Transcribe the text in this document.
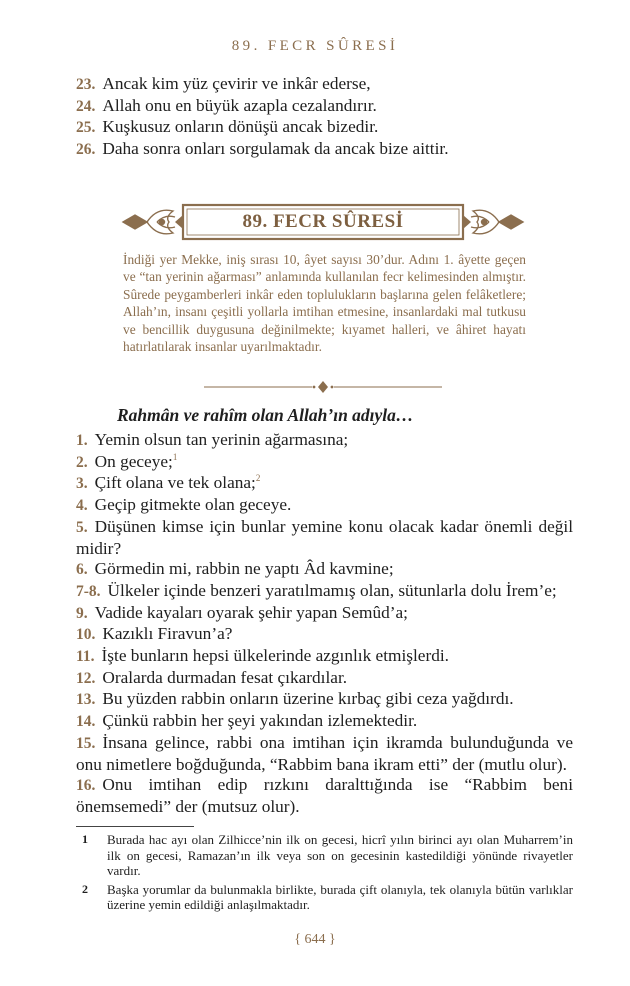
89. FECR SÛRESİ

23. Ancak kim yüz çevirir ve inkâr ederse,

24. Allah onu en büyük azapla cezalandırır.

25. Kuşkusuz onların dönüşü ancak bizedir.

26. Daha sonra onları sorgulamak da ancak bize aittir.

89. FECR SÛRESİ

İndiği yer Mekke, iniş sırası 10, âyet sayısı 30’dur. Adını 1. âyette geçen ve “tan yerinin ağarması” anlamında kullanılan fecr kelimesinden almıştır. Sûrede peygamberleri inkâr eden toplulukların başlarına gelen felâketlere; Allah’ın, insanı çeşitli yollarla imtihan etmesine, insanlardaki mal tutkusu ve bencillik duygusuna değinilmekte; kıyamet halleri, ve âhiret hayatı hatırlatılarak insanlar uyarılmaktadır.

Rahmân ve rahîm olan Allah’ın adıyla…

1. Yemin olsun tan yerinin ağarmasına;

2. On geceye;$^1$

3. Çift olana ve tek olana;$^2$

4. Geçip gitmekte olan geceye.

5. Düşünen kimse için bunlar yemine konu olacak kadar önemli değil midir?

6. Görmedin mi, rabbin ne yaptı Âd kavmine;

7-8. Ülkeler içinde benzeri yaratılmamış olan, sütunlarla dolu İrem’e;

9. Vadide kayaları oyarak şehir yapan Semûd’a;

10. Kazıklı Firavun’a?

11. İşte bunların hepsi ülkelerinde azgınlık etmişlerdi.

12. Oralarda durmadan fesat çıkardılar.

13. Bu yüzden rabbin onların üzerine kırbaç gibi ceza yağdırdı.

14. Çünkü rabbin her şeyi yakından izlemektedir.

15. İnsana gelince, rabbi ona imtihan için ikramda bulunduğunda ve onu nimetlere boğduğunda, “Rabbim bana ikram etti” der (mutlu olur).

16. Onu imtihan edip rızkını daralttığında ise “Rabbim beni önemsemedi” der (mutsuz olur).

1 Burada hac ayı olan Zilhicce’nin ilk on gecesi, hicrî yılın birinci ayı olan Muharrem’in ilk on gecesi, Ramazan’ın ilk veya son on gecesinin kastedildiği yönünde rivayetler vardır.

2 Başka yorumlar da bulunmakla birlikte, burada çift olanıyla, tek olanıyla bütün varlıklar üzerine yemin edildiği anlaşılmaktadır.

{ 644 }
